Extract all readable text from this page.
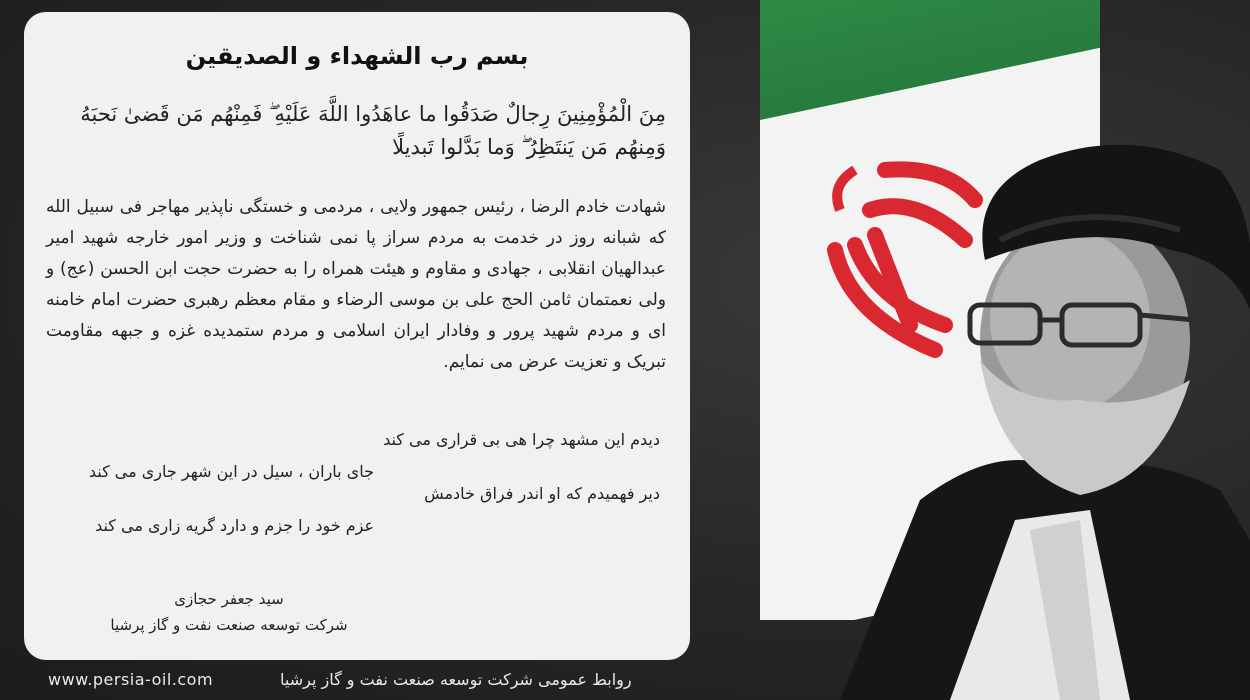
بسم رب الشهداء و الصدیقین
مِنَ الْمُؤْمِنِينَ رِجالٌ صَدَقُوا ما عاهَدُوا اللَّهَ عَلَيْهِ ۖ فَمِنْهُم مَن قَضىٰ نَحبَهُ وَمِنهُم مَن يَنتَظِرُ ۖ وَما بَدَّلوا تَبديلًا
شهادت خادم الرضا ، رئیس جمهور ولایی ، مردمی و خستگی ناپذیر مهاجر فی سبیل الله که شبانه روز در خدمت به مردم سراز پا نمی شناخت و وزیر امور خارجه شهید امیر عبدالهیان انقلابی ، جهادی و مقاوم و هیئت همراه را به حضرت حجت ابن الحسن (عج) و ولی نعمتمان ثامن الحج علی بن موسی الرضاء و مقام معظم رهبری حضرت امام خامنه ای و مردم شهید پرور و وفادار ایران اسلامی و مردم ستمدیده غزه و جبهه مقاومت تبریک و تعزیت عرض می نمایم.
دیدم این مشهد چرا هی بی قراری می کند
جای باران ، سیل در این شهر جاری می کند
دیر فهمیدم که او اندر فراق خادمش
عزم خود را جزم و دارد گریه زاری می کند
سید جعفر حجازی
شرکت توسعه صنعت نفت و گاز پرشیا
www.persia-oil.com	روابط عمومی شرکت توسعه صنعت نفت و گاز پرشیا
